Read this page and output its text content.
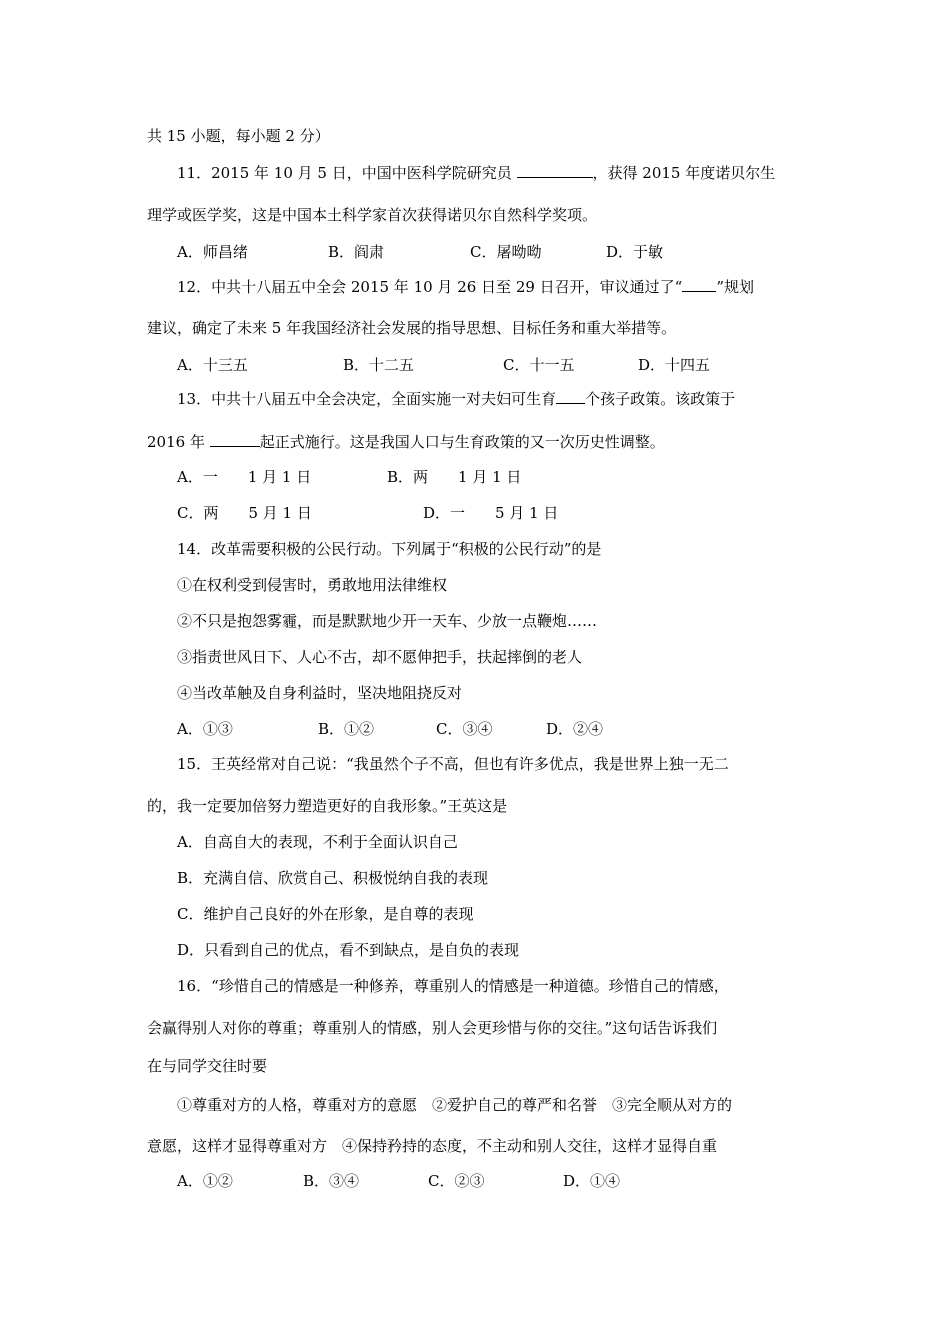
共 15 小题，每小题 2 分）
11．2015 年 10 月 5 日，中国中医科学院研究员	，获得 2015 年度诺贝尔生
理学或医学奖，这是中国本土科学家首次获得诺贝尔自然科学奖项。
A．师昌绪	B．阎肃	C．屠呦呦	D．于敏
12．中共十八届五中全会 2015 年 10 月 26 日至 29 日召开，审议通过了“ ”规划
建议，确定了未来 5 年我国经济社会发展的指导思想、目标任务和重大举措等。
A．十三五	B．十二五	C．十一五	D．十四五
13．中共十八届五中全会决定，全面实施一对夫妇可生育 个孩子政策。该政策于
2016 年	起正式施行。这是我国人口与生育政策的又一次历史性调整。
A．一　　1 月 1 日	B．两　　1 月 1 日
C．两　　5 月 1 日	D．一　　5 月 1 日
14．改革需要积极的公民行动。下列属于“积极的公民行动”的是
①在权利受到侵害时，勇敢地用法律维权
②不只是抱怨雾霾，而是默默地少开一天车、少放一点鞭炮……
③指责世风日下、人心不古，却不愿伸把手，扶起摔倒的老人
④当改革触及自身利益时，坚决地阻挠反对
A．①③	B．①②	C．③④	D．②④
15．王英经常对自己说：“我虽然个子不高，但也有许多优点，我是世界上独一无二
的，我一定要加倍努力塑造更好的自我形象。”王英这是
A．自高自大的表现，不利于全面认识自己
B．充满自信、欣赏自己、积极悦纳自我的表现
C．维护自己良好的外在形象，是自尊的表现
D．只看到自己的优点，看不到缺点，是自负的表现
16．“珍惜自己的情感是一种修养，尊重别人的情感是一种道德。珍惜自己的情感，
会赢得别人对你的尊重；尊重别人的情感，别人会更珍惜与你的交往。”这句话告诉我们
在与同学交往时要
①尊重对方的人格，尊重对方的意愿　②爱护自己的尊严和名誉　③完全顺从对方的
意愿，这样才显得尊重对方　④保持矜持的态度，不主动和别人交往，这样才显得自重
A．①②	B．③④	C．②③	D．①④
